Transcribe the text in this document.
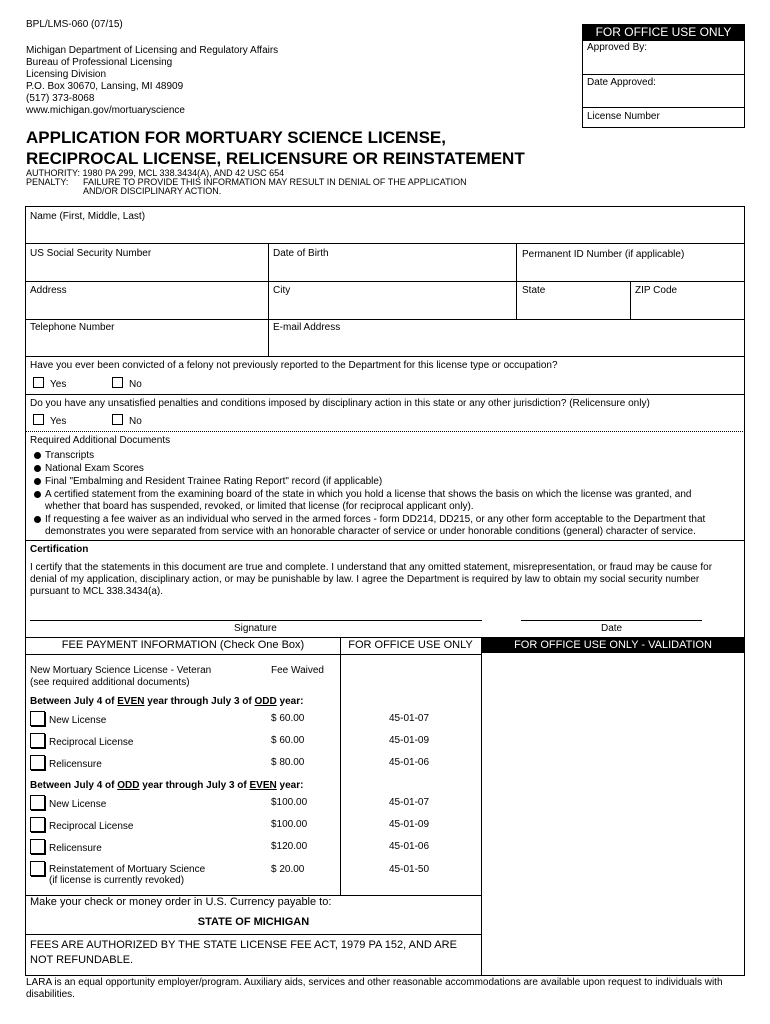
BPL/LMS-060 (07/15)
Michigan Department of Licensing and Regulatory Affairs
Bureau of Professional Licensing
Licensing Division
P.O. Box 30670, Lansing, MI 48909
(517) 373-8068
www.michigan.gov/mortuaryscience
APPLICATION FOR MORTUARY SCIENCE LICENSE,
RECIPROCAL LICENSE, RELICENSURE OR REINSTATEMENT
AUTHORITY: 1980 PA 299, MCL 338.3434(A), AND 42 USC 654
PENALTY: FAILURE TO PROVIDE THIS INFORMATION MAY RESULT IN DENIAL OF THE APPLICATION
AND/OR DISCIPLINARY ACTION.
FOR OFFICE USE ONLY
Approved By:
Date Approved:
License Number
Name (First, Middle, Last)
US Social Security Number	Date of Birth	Permanent ID Number (if applicable)
Address	City	State	ZIP Code
Telephone Number	E-mail Address
Have you ever been convicted of a felony not previously reported to the Department for this license type or occupation?
Yes	No
Do you have any unsatisfied penalties and conditions imposed by disciplinary action in this state or any other jurisdiction? (Relicensure only)
Yes	No
Required Additional Documents
Transcripts
National Exam Scores
Final "Embalming and Resident Trainee Rating Report" record (if applicable)
A certified statement from the examining board of the state in which you hold a license that shows the basis on which the license was granted, and
whether that board has suspended, revoked, or limited that license (for reciprocal applicant only).
If requesting a fee waiver as an individual who served in the armed forces - form DD214, DD215, or any other form acceptable to the Department that
demonstrates you were separated from service with an honorable character of service or under honorable conditions (general) character of service.
Certification
I certify that the statements in this document are true and complete. I understand that any omitted statement, misrepresentation, or fraud may be cause for
denial of my application, disciplinary action, or may be punishable by law. I agree the Department is required by law to obtain my social security number
pursuant to MCL 338.3434(a).
Signature	Date
FEE PAYMENT INFORMATION (Check One Box)	FOR OFFICE USE ONLY	FOR OFFICE USE ONLY - VALIDATION
New Mortuary Science License - Veteran
(see required additional documents)
Fee Waived
Between July 4 of EVEN year through July 3 of ODD year:
New License	$ 60.00	45-01-07
Reciprocal License	$ 60.00	45-01-09
Relicensure	$ 80.00	45-01-06
Between July 4 of ODD year through July 3 of EVEN year:
New License	$100.00	45-01-07
Reciprocal License	$100.00	45-01-09
Relicensure	$120.00	45-01-06
Reinstatement of Mortuary Science
(if license is currently revoked)
$ 20.00	45-01-50
Make your check or money order in U.S. Currency payable to:
STATE OF MICHIGAN
FEES ARE AUTHORIZED BY THE STATE LICENSE FEE ACT, 1979 PA 152, AND ARE
NOT REFUNDABLE.
LARA is an equal opportunity employer/program. Auxiliary aids, services and other reasonable accommodations are available upon request to individuals with
disabilities.
